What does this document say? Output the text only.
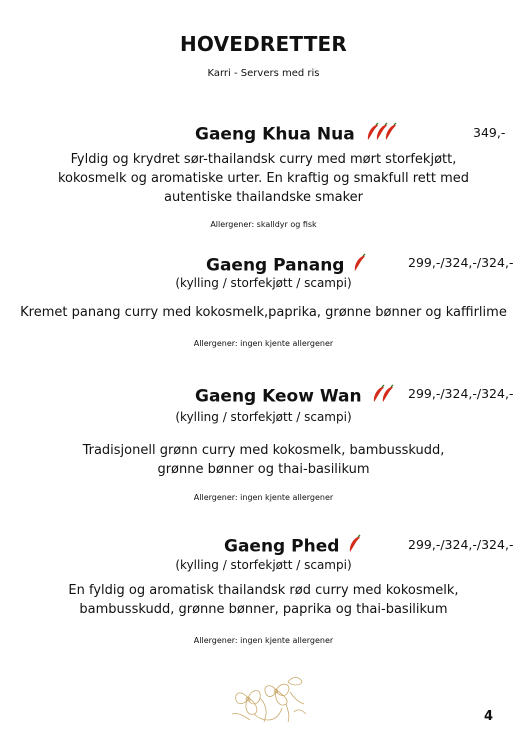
HOVEDRETTER
Karri - Servers med ris
Gaeng Khua Nua	349,-
Fyldig og krydret sør-thailandsk curry med mørt storfekjøtt,
kokosmelk og aromatiske urter. En kraftig og smakfull rett med
autentiske thailandske smaker
Allergener: skalldyr og fisk
Gaeng Panang	299,-/324,-/324,-
(kylling / storfekjøtt / scampi)
Kremet panang curry med kokosmelk,paprika, grønne bønner og kaffirlime
Allergener: ingen kjente allergener
Gaeng Keow Wan	299,-/324,-/324,-
(kylling / storfekjøtt / scampi)
Tradisjonell grønn curry med kokosmelk, bambusskudd,
grønne bønner og thai-basilikum
Allergener: ingen kjente allergener
Gaeng Phed	299,-/324,-/324,-
(kylling / storfekjøtt / scampi)
En fyldig og aromatisk thailandsk rød curry med kokosmelk,
bambusskudd, grønne bønner, paprika og thai-basilikum
Allergener: ingen kjente allergener
4
